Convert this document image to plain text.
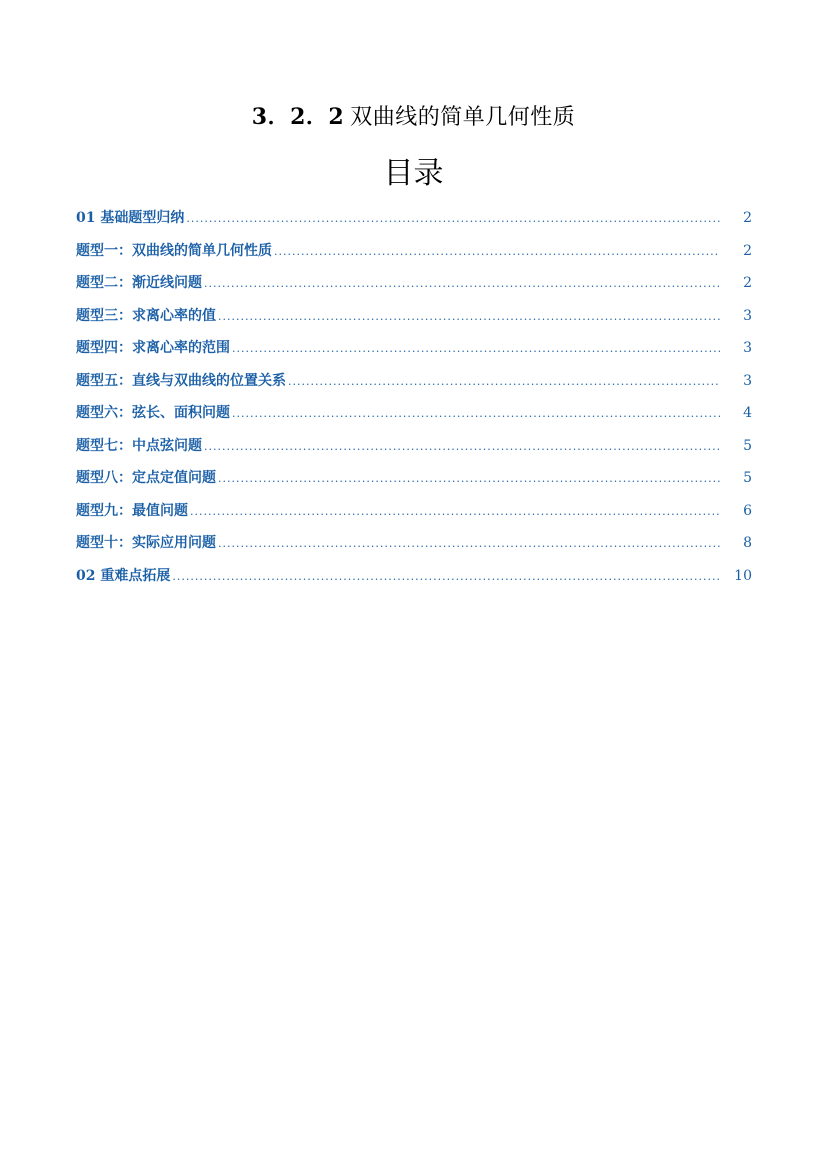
3．2．2 双曲线的简单几何性质
目录
01 基础题型归纳 .....	2
题型一：双曲线的简单几何性质 .....	2
题型二：渐近线问题 .....	2
题型三：求离心率的值 .....	3
题型四：求离心率的范围 .....	3
题型五：直线与双曲线的位置关系 .....	3
题型六：弦长、面积问题 .....	4
题型七：中点弦问题 .....	5
题型八：定点定值问题 .....	5
题型九：最值问题 .....	6
题型十：实际应用问题 .....	8
02 重难点拓展 .....	10
